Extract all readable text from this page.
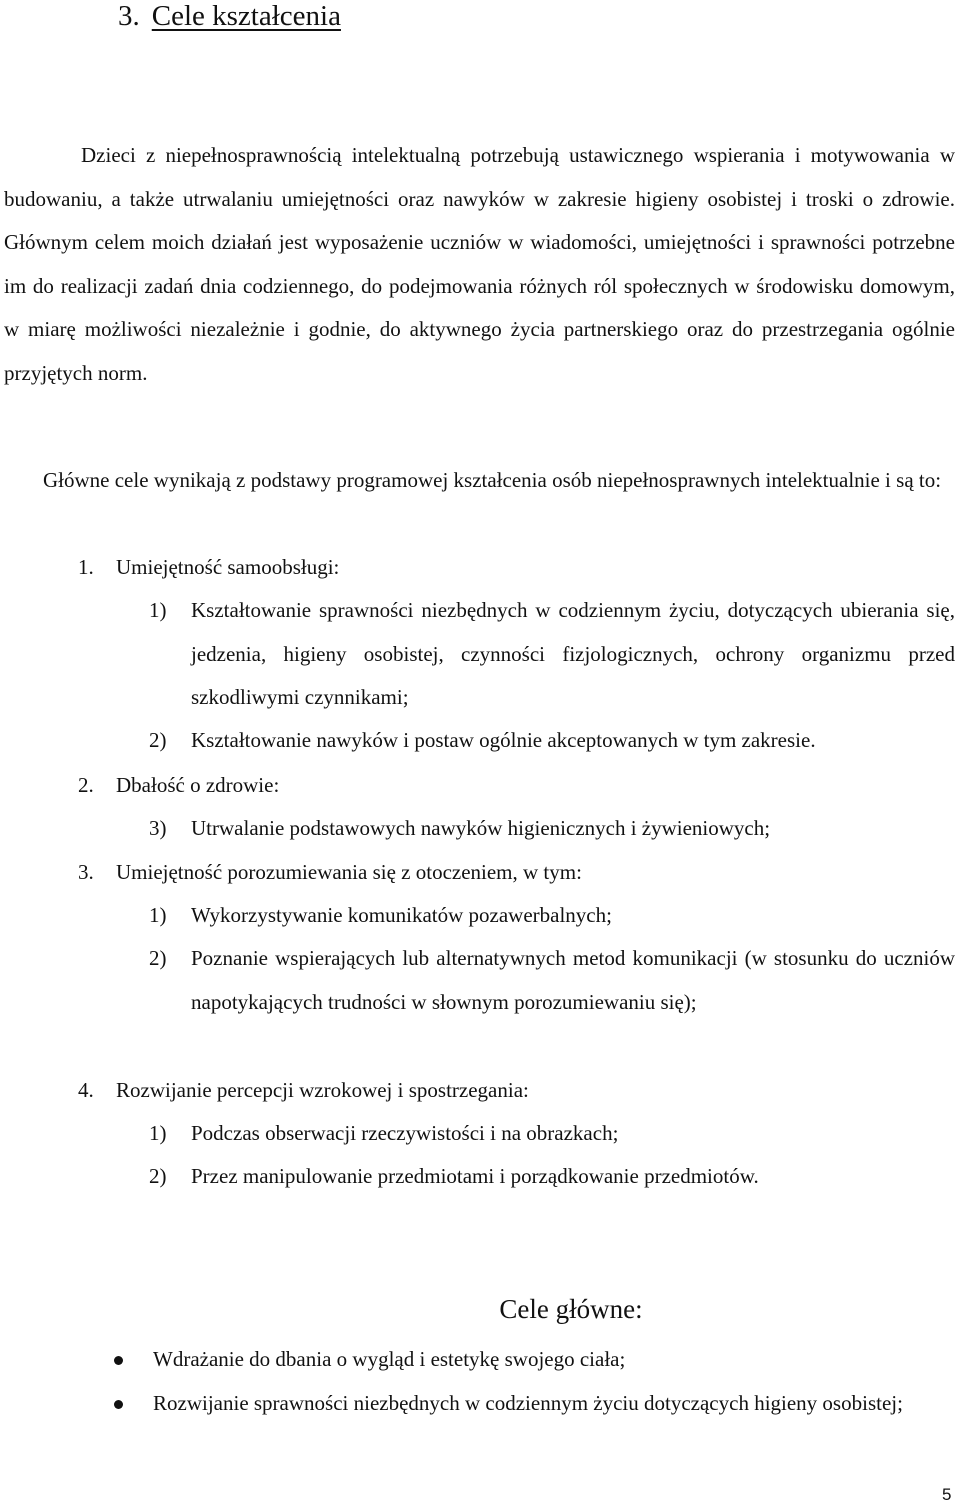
3. Cele kształcenia
Dzieci z niepełnosprawnością intelektualną potrzebują ustawicznego wspierania i motywowania w budowaniu, a także utrwalaniu umiejętności oraz nawyków w zakresie higieny osobistej i troski o zdrowie. Głównym celem moich działań jest wyposażenie uczniów w wiadomości, umiejętności i sprawności potrzebne im do realizacji zadań dnia codziennego, do podejmowania różnych ról społecznych w środowisku domowym, w miarę możliwości niezależnie i godnie, do aktywnego życia partnerskiego oraz do przestrzegania ogólnie przyjętych norm.
Główne cele wynikają z podstawy programowej kształcenia osób niepełnosprawnych intelektualnie i są to:
1. Umiejętność samoobsługi:
1) Kształtowanie sprawności niezbędnych w codziennym życiu, dotyczących ubierania się, jedzenia, higieny osobistej, czynności fizjologicznych, ochrony organizmu przed szkodliwymi czynnikami;
2) Kształtowanie nawyków i postaw ogólnie akceptowanych w tym zakresie.
2. Dbałość o zdrowie:
3) Utrwalanie podstawowych nawyków higienicznych i żywieniowych;
3. Umiejętność porozumiewania się z otoczeniem, w tym:
1) Wykorzystywanie komunikatów pozawerbalnych;
2) Poznanie wspierających lub alternatywnych metod komunikacji (w stosunku do uczniów napotykających trudności w słownym porozumiewaniu się);
4. Rozwijanie percepcji wzrokowej i spostrzegania:
1) Podczas obserwacji rzeczywistości i na obrazkach;
2) Przez manipulowanie przedmiotami i porządkowanie przedmiotów.
Cele główne:
Wdrażanie do dbania o wygląd i estetykę swojego ciała;
Rozwijanie sprawności niezbędnych w codziennym życiu dotyczących higieny osobistej;
5
